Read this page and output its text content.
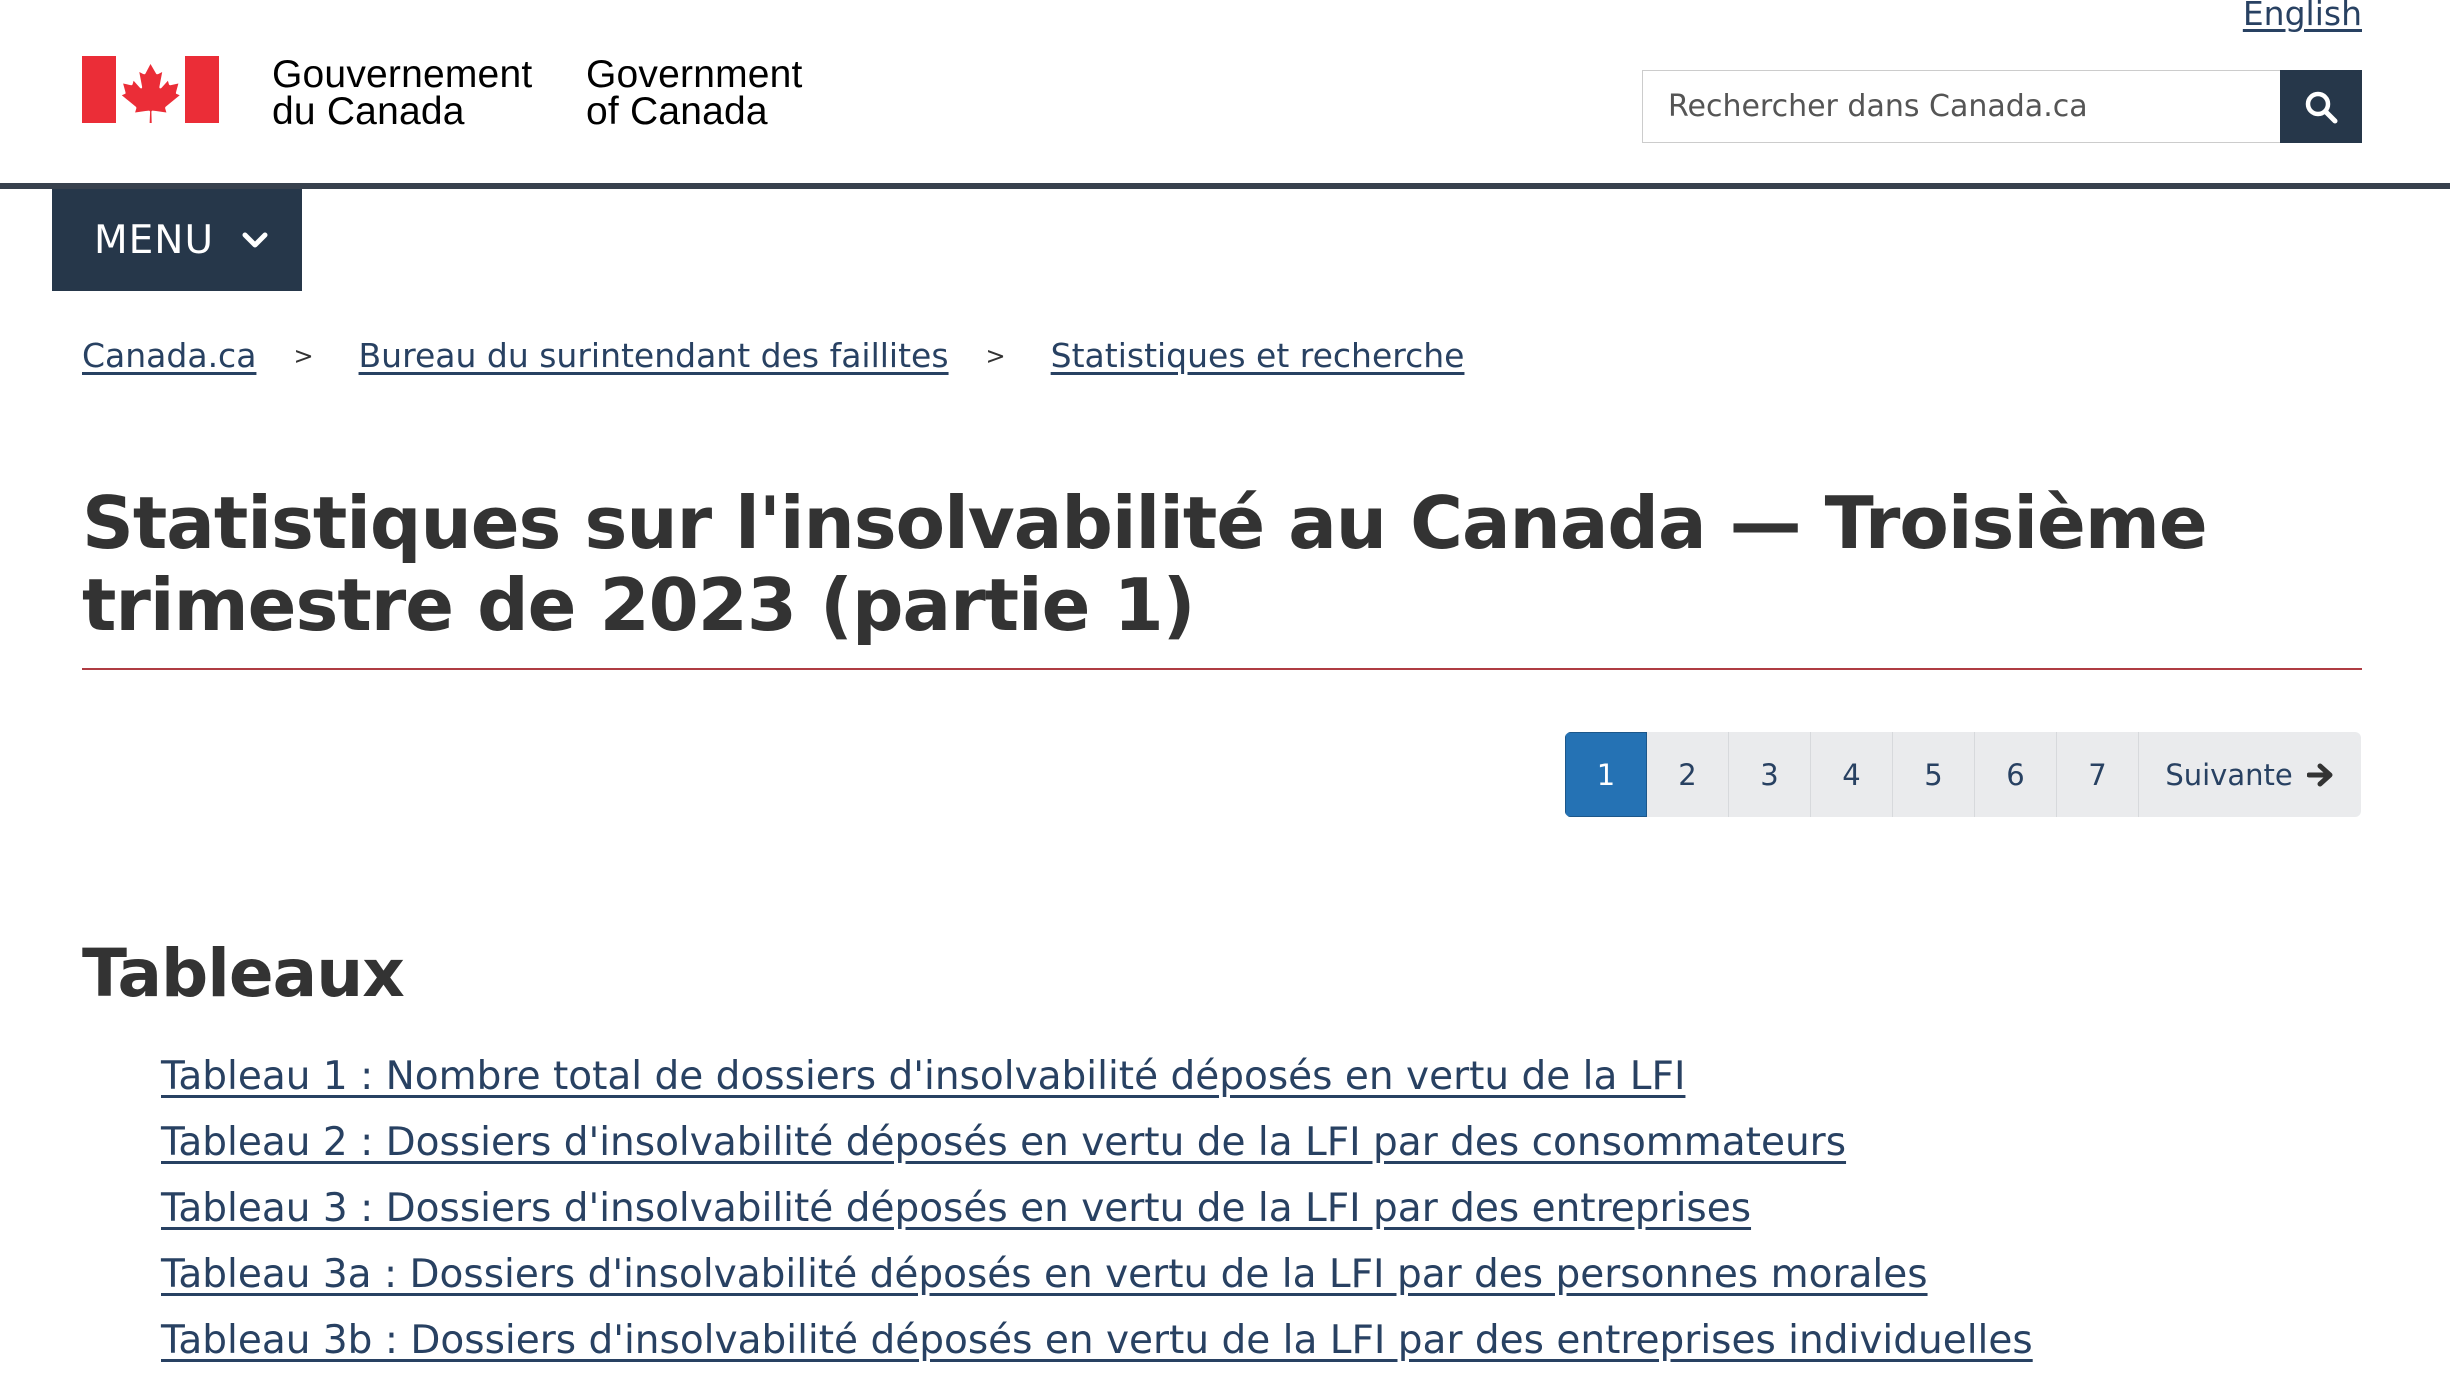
English
Gouvernement
du Canada
Government
of Canada
Rechercher dans Canada.ca
MENU
Canada.ca > Bureau du surintendant des faillites > Statistiques et recherche
Statistiques sur l'insolvabilité au Canada — Troisième trimestre de 2023 (partie 1)
1	2	3	4	5	6	7	Suivante
Tableaux
Tableau 1 : Nombre total de dossiers d'insolvabilité déposés en vertu de la LFI
Tableau 2 : Dossiers d'insolvabilité déposés en vertu de la LFI par des consommateurs
Tableau 3 : Dossiers d'insolvabilité déposés en vertu de la LFI par des entreprises
Tableau 3a : Dossiers d'insolvabilité déposés en vertu de la LFI par des personnes morales
Tableau 3b : Dossiers d'insolvabilité déposés en vertu de la LFI par des entreprises individuelles
